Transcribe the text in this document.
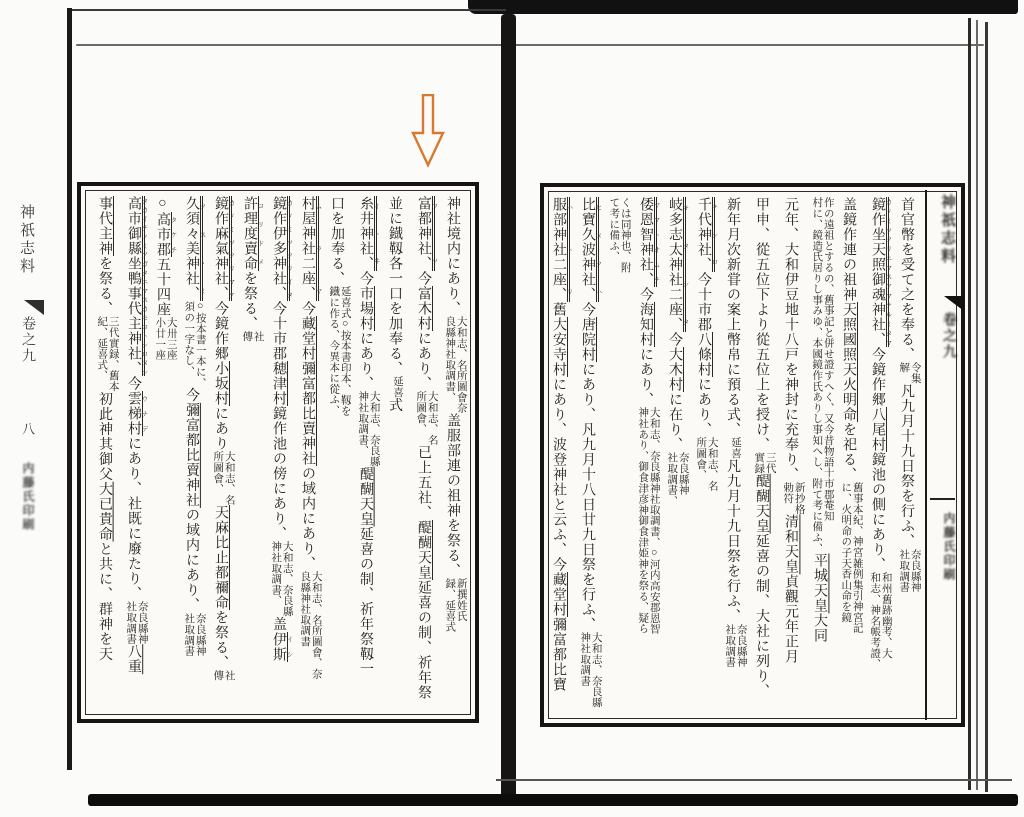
神祇志料
卷之九
八
内藤氏印刷
神社境内にあり、大和志、名所圖會奈
良縣神社取調書、盖服部連の祖神を祭る、新撰姓氏
録、延喜式
富都神社、 フツ今富木村にあり、大和志、名
所圖會、已上五社、醍醐天皇延喜の制、祈年祭
並に鐡靱各一口を加奉る、延喜式
糸井神社、 イトヰ今市場村にあり、大和志、奈良縣
神社取調書、醍醐天皇延喜の制、祈年祭靱一
口を加奉る、延喜式○按本書印本、靱を
鐡に作る、今異本に從ふ、
村屋神社二座、 ムラヤ今藏堂村彌富都比賣神社の域内にあり、大和志、名所圖會、奈
良縣神社取調書
鏡作伊多神社、 カヾミツクリイタ今十市郡穂津村鏡作池の傍にあり、大和志、奈良縣
神社取調書、盖伊斯 イシ
許理度賣命 コリドメを祭る、社
傳
鏡作麻氣神社、 カヾミツクリマケ今鏡作郷小坂村にあり大和志、名
所圖會、天麻比止都禰命を祭る、社
傳
久須々美神社、 クスヽミ○按本書一本に、
須の一字なし、今彌富都比賣神社の域内にあり、奈良縣神
社取調書
○高市郡 タケチ五十四座大卅三座
小廿一座
高市御縣坐鴨事代主神社、 タカイチノミアガタニマスカモコトシロヌシ今雲梯村 ウナデにあり、社既に廢たり、奈良縣神
社取調書八重
事代主神を祭る、三代實録、舊本
紀、延喜式、初此神其御父大已貴命と共に、群神を天
首官幣を受て之を奉る、令集
解凡九月十九日祭を行ふ、奈良縣神
社取調書
鏡作坐天照御魂神社、 カヾミツクリニマスアマテルミタマ今鏡作郷八尾村鏡池の側にあり、和州舊跡幽考、大
和志、神名帳考證、
盖鏡作連の祖神天照國照天火明命を祀る、舊事本紀、神宮雑例集引神宮記
に、火明命の子天香山命を鏡
作の遠祖とするの、舊事記と併せ證すへく、又今昔物語十市郡菴知
村に、鏡造氏居りし事みゆ、本國鏡作氏ありし事知へし、附て考に備ふ、平城天皇大同
元年、大和伊豆地十八戸を神封に充奉り、新抄格
勅符清和天皇貞觀元年正月
甲申、從五位下より從五位上を授け、三代
實録醍醐天皇延喜の制、大社に列り、
新年月次新甞の案上幣帛に預る式、延喜凡九月十九日祭を行ふ、奈良縣神
社取調書
千代神社、 チシロ今十市郡八條村にあり、大和志、名
所圖會、
岐多志太神社二座、 キタシタ今大木村に在り、奈良縣神
社取調書、
倭恩智神社、 ヤマトオムチ今海知村にあり、大和志、奈良縣神社取調書、○河内高安郡恩智
神社あり、御食津彦神御食津姫神を祭る、疑ら
くは同神也、附
て考に備ふ、
比寶久波神社、 ヒメクハ今唐院村にあり、凡九月十八日廿九日祭を行ふ、大和志、奈良縣
神社取調書
服部神社二座、 ハトリ舊大安寺村にあり、波登神社と云ふ、今藏堂村彌富都比寶
神祇志料
卷之九
内藤氏印刷
